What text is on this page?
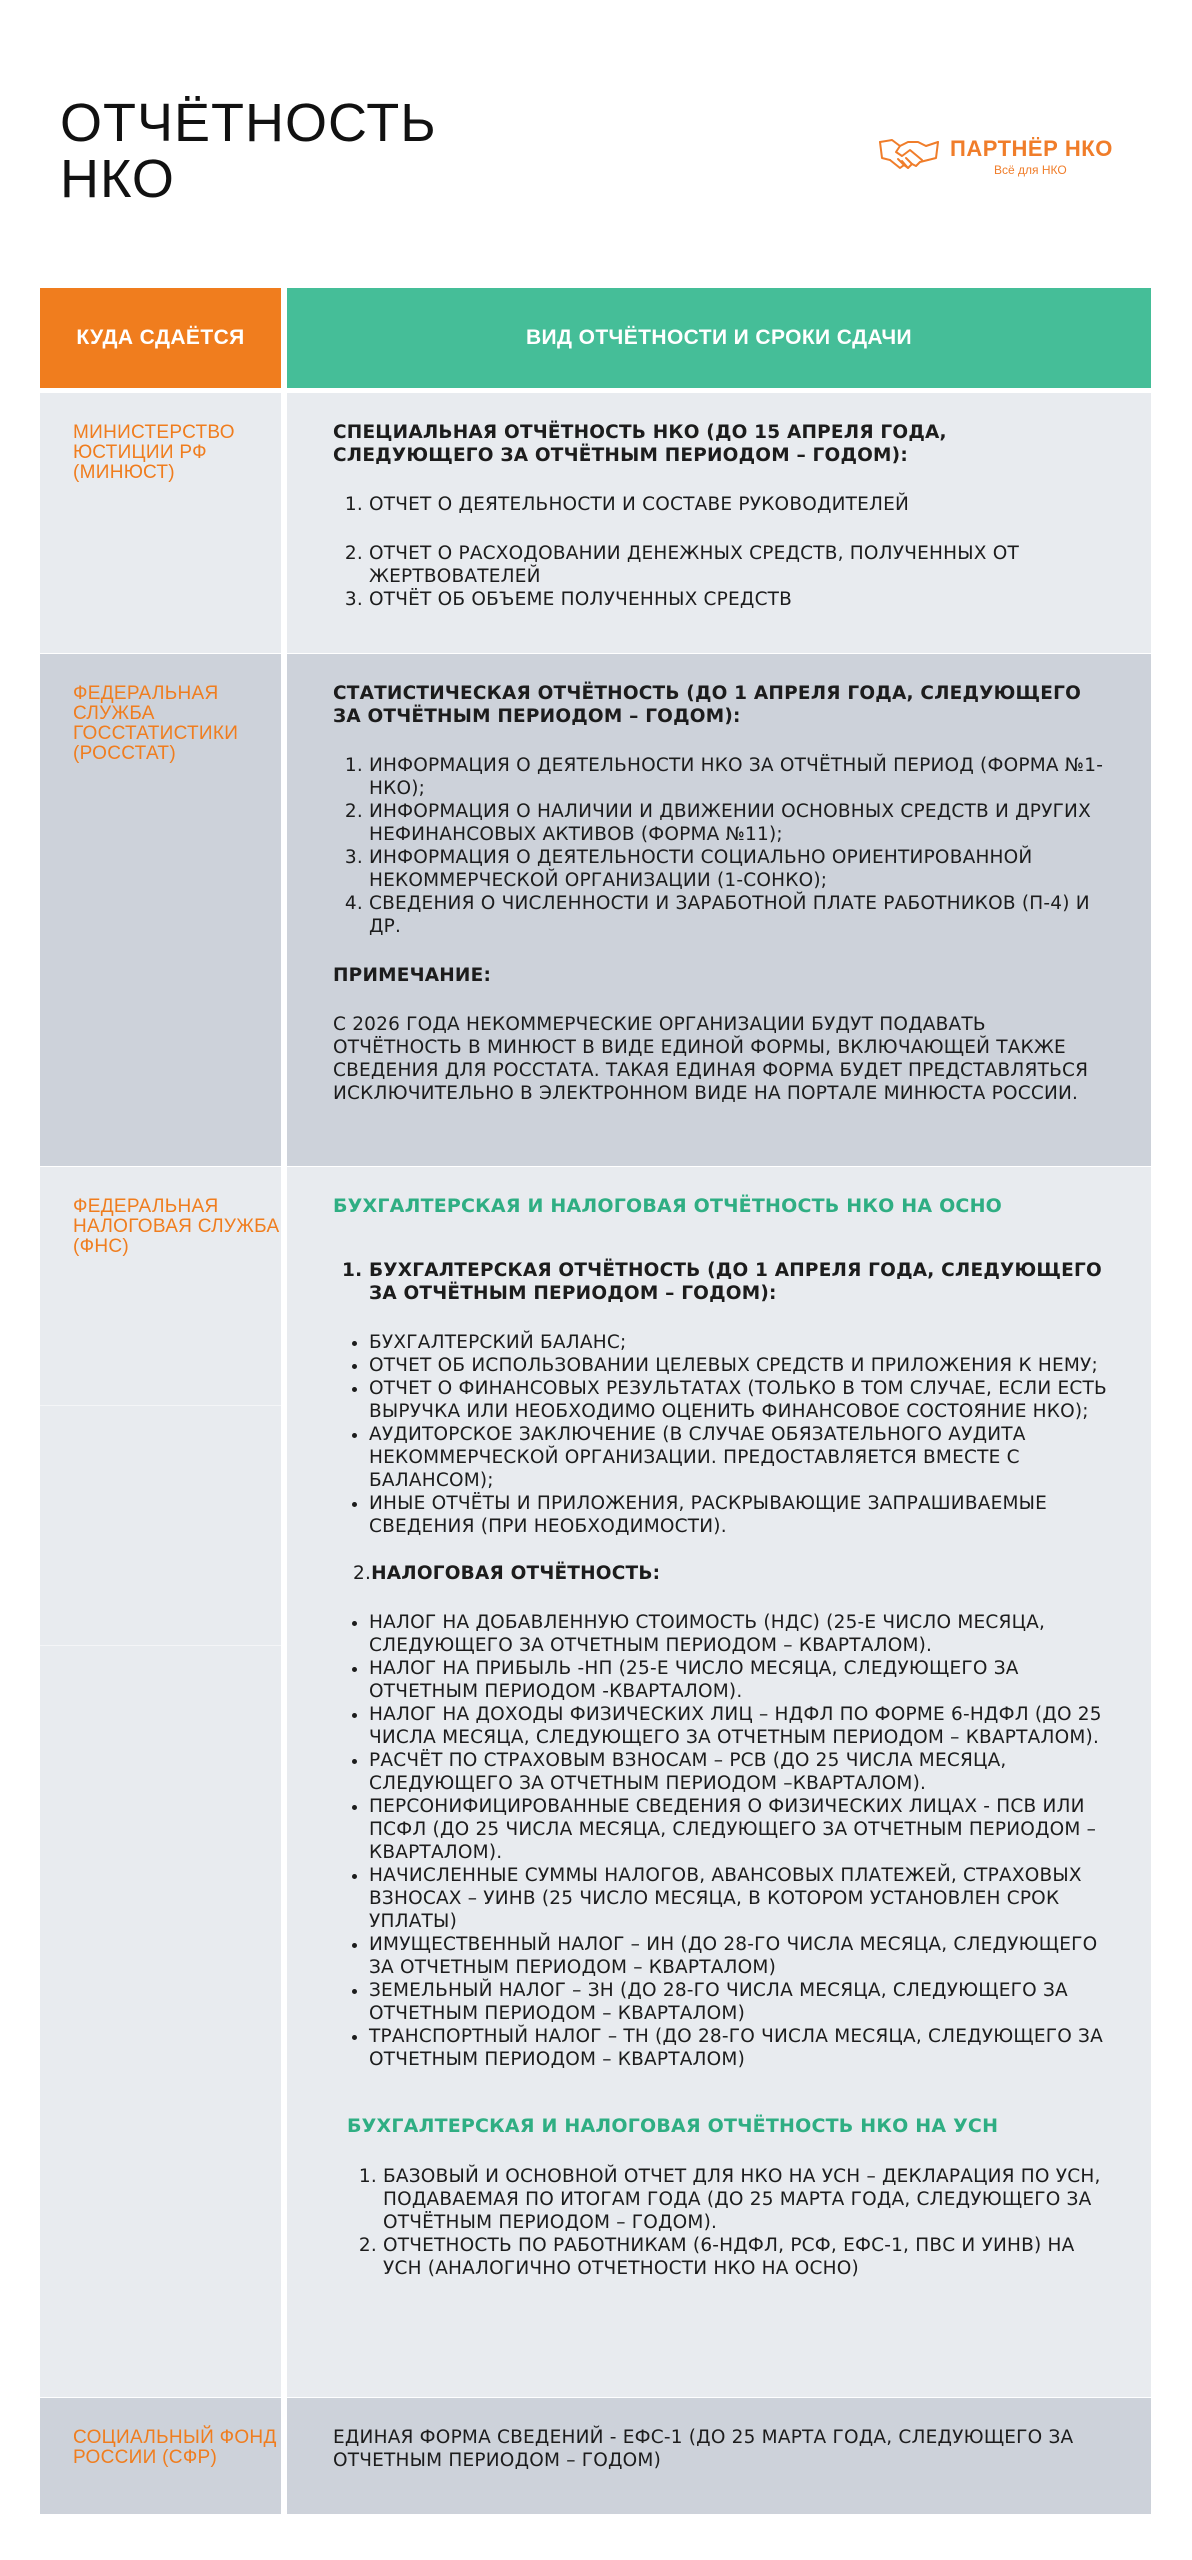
ОТЧЁТНОСТЬ
НКО
ПАРТНЁР НКО
Всё для НКО
КУДА СДАЁТСЯ	ВИД ОТЧЁТНОСТИ И СРОКИ СДАЧИ
МИНИСТЕРСТВО ЮСТИЦИИ РФ (МИНЮСТ)
СПЕЦИАЛЬНАЯ ОТЧЁТНОСТЬ НКО (ДО 15 АПРЕЛЯ ГОДА, СЛЕДУЮЩЕГО ЗА ОТЧЁТНЫМ ПЕРИОДОМ – ГОДОМ):
1. ОТЧЕТ О ДЕЯТЕЛЬНОСТИ И СОСТАВЕ РУКОВОДИТЕЛЕЙ
2. ОТЧЕТ О РАСХОДОВАНИИ ДЕНЕЖНЫХ СРЕДСТВ, ПОЛУЧЕННЫХ ОТ ЖЕРТВОВАТЕЛЕЙ
3. ОТЧЁТ ОБ ОБЪЕМЕ ПОЛУЧЕННЫХ СРЕДСТВ
ФЕДЕРАЛЬНАЯ СЛУЖБА ГОССТАТИСТИКИ (РОССТАТ)
СТАТИСТИЧЕСКАЯ ОТЧЁТНОСТЬ (ДО 1 АПРЕЛЯ ГОДА, СЛЕДУЮЩЕГО ЗА ОТЧЁТНЫМ ПЕРИОДОМ – ГОДОМ):
1. ИНФОРМАЦИЯ О ДЕЯТЕЛЬНОСТИ НКО ЗА ОТЧЁТНЫЙ ПЕРИОД (ФОРМА №1-НКО);
2. ИНФОРМАЦИЯ О НАЛИЧИИ И ДВИЖЕНИИ ОСНОВНЫХ СРЕДСТВ И ДРУГИХ НЕФИНАНСОВЫХ АКТИВОВ (ФОРМА №11);
3. ИНФОРМАЦИЯ О ДЕЯТЕЛЬНОСТИ СОЦИАЛЬНО ОРИЕНТИРОВАННОЙ НЕКОММЕРЧЕСКОЙ ОРГАНИЗАЦИИ (1-СОНКО);
4. СВЕДЕНИЯ О ЧИСЛЕННОСТИ И ЗАРАБОТНОЙ ПЛАТЕ РАБОТНИКОВ (П-4) И ДР.
ПРИМЕЧАНИЕ:
С 2026 ГОДА НЕКОММЕРЧЕСКИЕ ОРГАНИЗАЦИИ БУДУТ ПОДАВАТЬ ОТЧЁТНОСТЬ В МИНЮСТ В ВИДЕ ЕДИНОЙ ФОРМЫ, ВКЛЮЧАЮЩЕЙ ТАКЖЕ СВЕДЕНИЯ ДЛЯ РОССТАТА. ТАКАЯ ЕДИНАЯ ФОРМА БУДЕТ ПРЕДСТАВЛЯТЬСЯ ИСКЛЮЧИТЕЛЬНО В ЭЛЕКТРОННОМ ВИДЕ НА ПОРТАЛЕ МИНЮСТА РОССИИ.
ФЕДЕРАЛЬНАЯ НАЛОГОВАЯ СЛУЖБА (ФНС)
БУХГАЛТЕРСКАЯ И НАЛОГОВАЯ ОТЧЁТНОСТЬ НКО НА ОСНО
1. БУХГАЛТЕРСКАЯ ОТЧЁТНОСТЬ (ДО 1 АПРЕЛЯ ГОДА, СЛЕДУЮЩЕГО ЗА ОТЧЁТНЫМ ПЕРИОДОМ – ГОДОМ):
• БУХГАЛТЕРСКИЙ БАЛАНС;
• ОТЧЕТ ОБ ИСПОЛЬЗОВАНИИ ЦЕЛЕВЫХ СРЕДСТВ И ПРИЛОЖЕНИЯ К НЕМУ;
• ОТЧЕТ О ФИНАНСОВЫХ РЕЗУЛЬТАТАХ (ТОЛЬКО В ТОМ СЛУЧАЕ, ЕСЛИ ЕСТЬ ВЫРУЧКА ИЛИ НЕОБХОДИМО ОЦЕНИТЬ ФИНАНСОВОЕ СОСТОЯНИЕ НКО);
• АУДИТОРСКОЕ ЗАКЛЮЧЕНИЕ (В СЛУЧАЕ ОБЯЗАТЕЛЬНОГО АУДИТА НЕКОММЕРЧЕСКОЙ ОРГАНИЗАЦИИ. ПРЕДОСТАВЛЯЕТСЯ ВМЕСТЕ С БАЛАНСОМ);
• ИНЫЕ ОТЧЁТЫ И ПРИЛОЖЕНИЯ, РАСКРЫВАЮЩИЕ ЗАПРАШИВАЕМЫЕ СВЕДЕНИЯ (ПРИ НЕОБХОДИМОСТИ).
2.НАЛОГОВАЯ ОТЧЁТНОСТЬ:
• НАЛОГ НА ДОБАВЛЕННУЮ СТОИМОСТЬ (НДС) (25-Е ЧИСЛО МЕСЯЦА, СЛЕДУЮЩЕГО ЗА ОТЧЕТНЫМ ПЕРИОДОМ – КВАРТАЛОМ).
• НАЛОГ НА ПРИБЫЛЬ -НП (25-Е ЧИСЛО МЕСЯЦА, СЛЕДУЮЩЕГО ЗА ОТЧЕТНЫМ ПЕРИОДОМ -КВАРТАЛОМ).
• НАЛОГ НА ДОХОДЫ ФИЗИЧЕСКИХ ЛИЦ – НДФЛ ПО ФОРМЕ 6-НДФЛ (ДО 25 ЧИСЛА МЕСЯЦА, СЛЕДУЮЩЕГО ЗА ОТЧЕТНЫМ ПЕРИОДОМ – КВАРТАЛОМ).
• РАСЧЁТ ПО СТРАХОВЫМ ВЗНОСАМ – РСВ (ДО 25 ЧИСЛА МЕСЯЦА, СЛЕДУЮЩЕГО ЗА ОТЧЕТНЫМ ПЕРИОДОМ –КВАРТАЛОМ).
• ПЕРСОНИФИЦИРОВАННЫЕ СВЕДЕНИЯ О ФИЗИЧЕСКИХ ЛИЦАХ - ПСВ ИЛИ ПСФЛ (ДО 25 ЧИСЛА МЕСЯЦА, СЛЕДУЮЩЕГО ЗА ОТЧЕТНЫМ ПЕРИОДОМ – КВАРТАЛОМ).
• НАЧИСЛЕННЫЕ СУММЫ НАЛОГОВ, АВАНСОВЫХ ПЛАТЕЖЕЙ, СТРАХОВЫХ ВЗНОСАХ – УИНВ (25 ЧИСЛО МЕСЯЦА, В КОТОРОМ УСТАНОВЛЕН СРОК УПЛАТЫ)
• ИМУЩЕСТВЕННЫЙ НАЛОГ – ИН (ДО 28-ГО ЧИСЛА МЕСЯЦА, СЛЕДУЮЩЕГО ЗА ОТЧЕТНЫМ ПЕРИОДОМ – КВАРТАЛОМ)
• ЗЕМЕЛЬНЫЙ НАЛОГ – ЗН (ДО 28-ГО ЧИСЛА МЕСЯЦА, СЛЕДУЮЩЕГО ЗА ОТЧЕТНЫМ ПЕРИОДОМ – КВАРТАЛОМ)
• ТРАНСПОРТНЫЙ НАЛОГ – ТН (ДО 28-ГО ЧИСЛА МЕСЯЦА, СЛЕДУЮЩЕГО ЗА ОТЧЕТНЫМ ПЕРИОДОМ – КВАРТАЛОМ)
БУХГАЛТЕРСКАЯ И НАЛОГОВАЯ ОТЧЁТНОСТЬ НКО НА УСН
1. БАЗОВЫЙ И ОСНОВНОЙ ОТЧЕТ ДЛЯ НКО НА УСН – ДЕКЛАРАЦИЯ ПО УСН, ПОДАВАЕМАЯ ПО ИТОГАМ ГОДА (ДО 25 МАРТА ГОДА, СЛЕДУЮЩЕГО ЗА ОТЧЁТНЫМ ПЕРИОДОМ – ГОДОМ).
2. ОТЧЕТНОСТЬ ПО РАБОТНИКАМ (6-НДФЛ, РСФ, ЕФС-1, ПВС И УИНВ) НА УСН (АНАЛОГИЧНО ОТЧЕТНОСТИ НКО НА ОСНО)
СОЦИАЛЬНЫЙ ФОНД РОССИИ (СФР)
ЕДИНАЯ ФОРМА СВЕДЕНИЙ - ЕФС-1 (ДО 25 МАРТА ГОДА, СЛЕДУЮЩЕГО ЗА ОТЧЕТНЫМ ПЕРИОДОМ – ГОДОМ)
